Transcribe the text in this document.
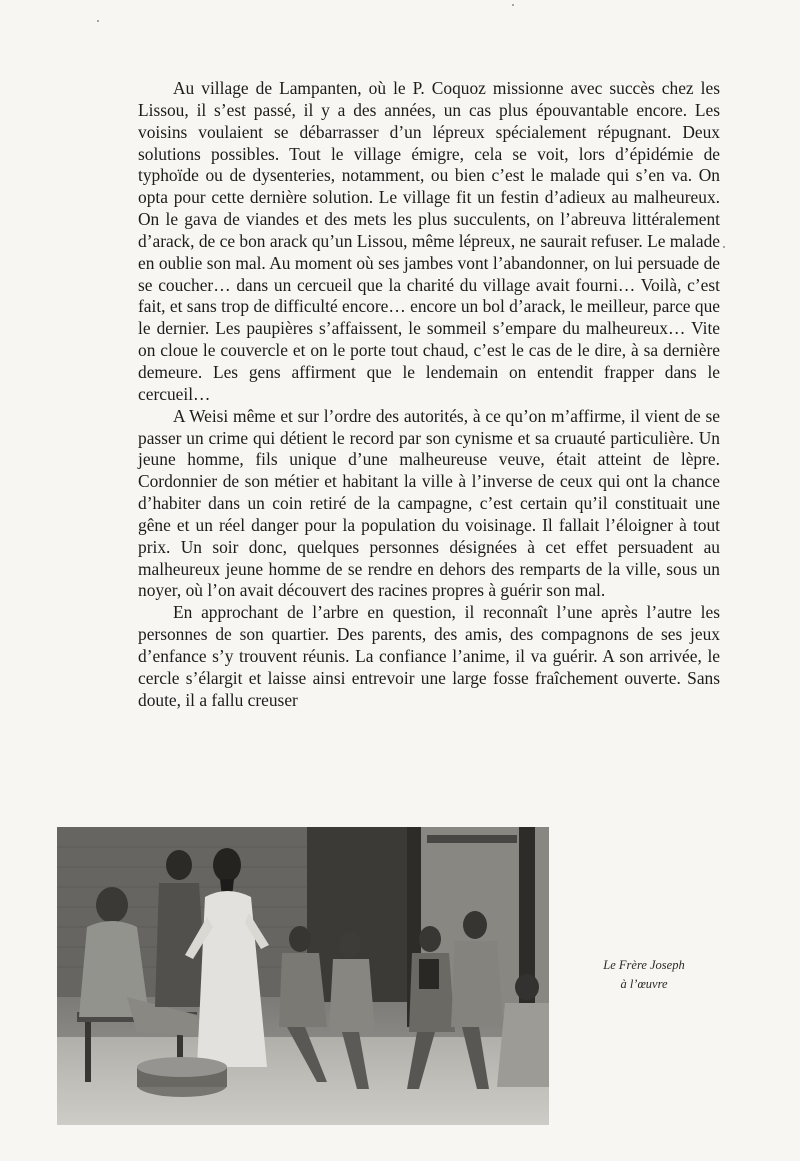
Au village de Lampanten, où le P. Coquoz missionne avec succès chez les Lissou, il s’est passé, il y a des années, un cas plus épouvantable encore. Les voisins voulaient se débarrasser d’un lépreux spécialement répugnant. Deux solutions possibles. Tout le village émigre, cela se voit, lors d’épidémie de typhoïde ou de dysenteries, notamment, ou bien c’est le malade qui s’en va. On opta pour cette dernière solution. Le village fit un festin d’adieux au malheureux. On le gava de viandes et des mets les plus succulents, on l’abreuva littéralement d’arack, de ce bon arack qu’un Lissou, même lépreux, ne saurait refuser. Le malade en oublie son mal. Au moment où ses jambes vont l’abandonner, on lui persuade de se coucher… dans un cercueil que la charité du village avait fourni… Voilà, c’est fait, et sans trop de difficulté encore… encore un bol d’arack, le meilleur, parce que le dernier. Les paupières s’affaissent, le sommeil s’empare du malheureux… Vite on cloue le couvercle et on le porte tout chaud, c’est le cas de le dire, à sa dernière demeure. Les gens affirment que le lendemain on entendit frapper dans le cercueil…

A Weisi même et sur l’ordre des autorités, à ce qu’on m’affirme, il vient de se passer un crime qui détient le record par son cynisme et sa cruauté particulière. Un jeune homme, fils unique d’une malheureuse veuve, était atteint de lèpre. Cordonnier de son métier et habitant la ville à l’inverse de ceux qui ont la chance d’habiter dans un coin retiré de la campagne, c’est certain qu’il constituait une gêne et un réel danger pour la population du voisinage. Il fallait l’éloigner à tout prix. Un soir donc, quelques personnes désignées à cet effet persuadent au malheureux jeune homme de se rendre en dehors des remparts de la ville, sous un noyer, où l’on avait découvert des racines propres à guérir son mal.

En approchant de l’arbre en question, il reconnaît l’une après l’autre les personnes de son quartier. Des parents, des amis, des compagnons de ses jeux d’enfance s’y trouvent réunis. La confiance l’anime, il va guérir. A son arrivée, le cercle s’élargit et laisse ainsi entrevoir une large fosse fraîchement ouverte. Sans doute, il a fallu creuser

Le Frère Joseph
à l’œuvre
